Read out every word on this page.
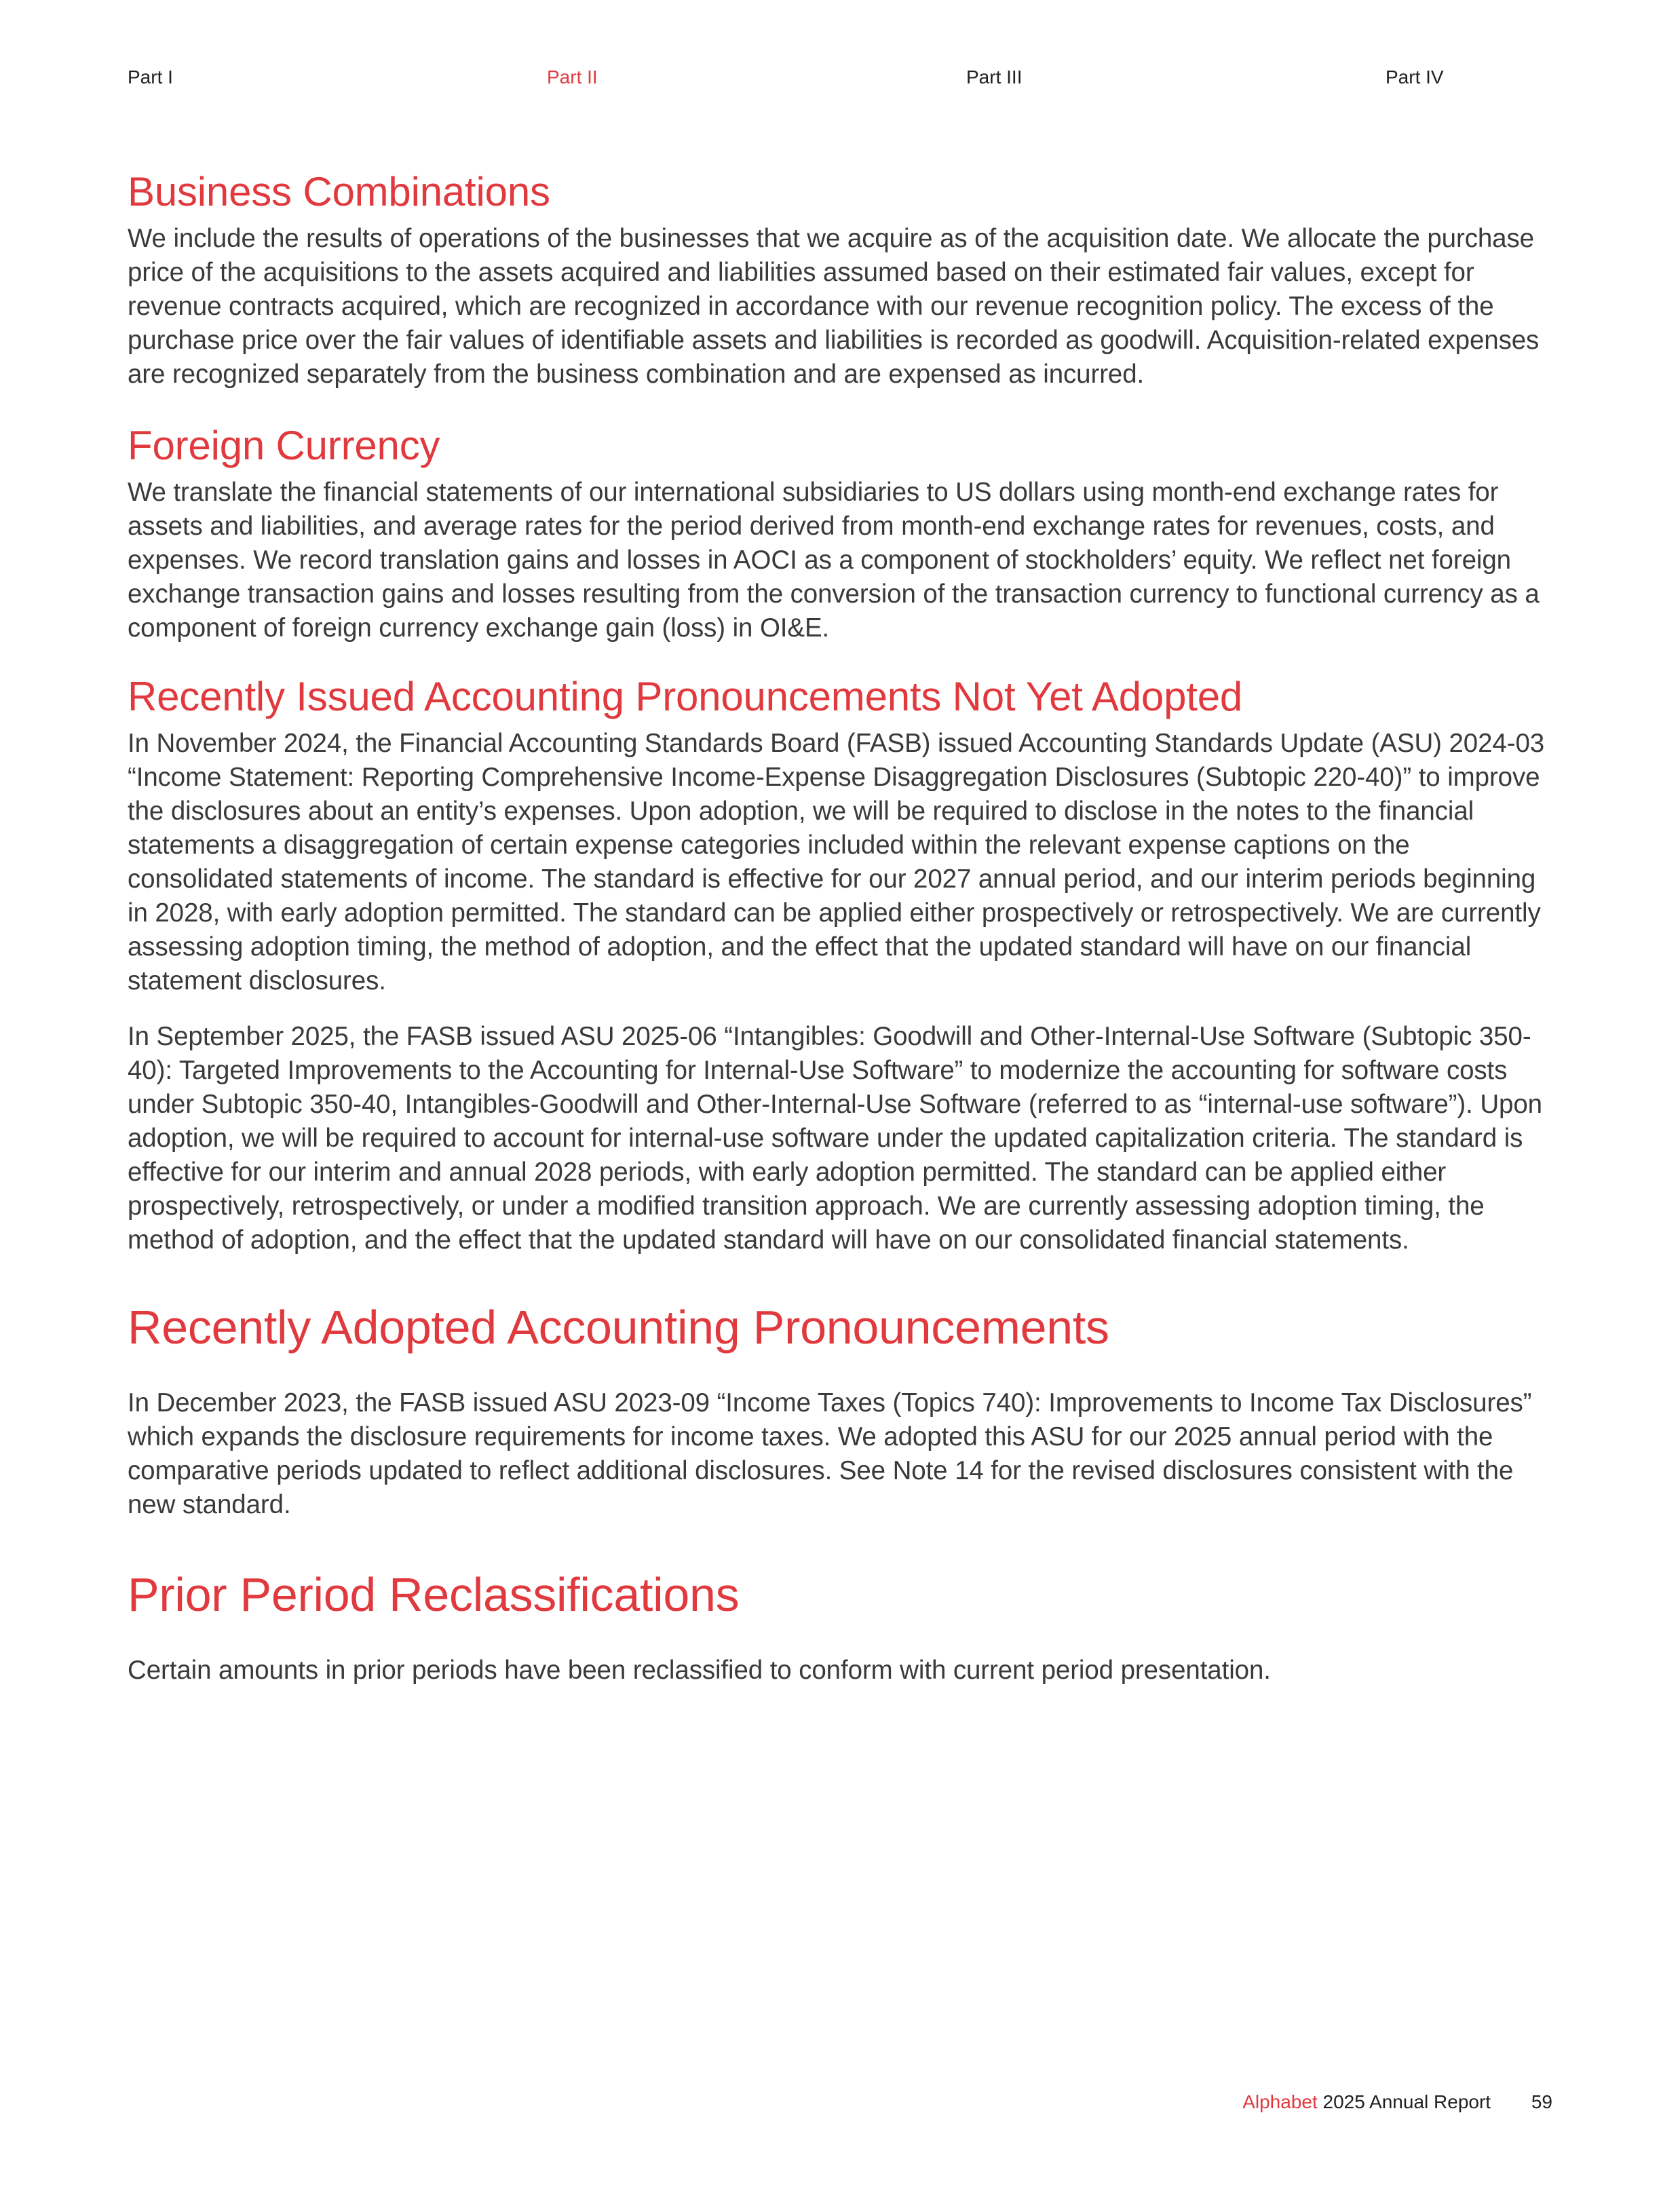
Part I	Part II	Part III	Part IV
Business Combinations

We include the results of operations of the businesses that we acquire as of the acquisition date. We allocate the purchase price of the acquisitions to the assets acquired and liabilities assumed based on their estimated fair values, except for revenue contracts acquired, which are recognized in accordance with our revenue recognition policy. The excess of the purchase price over the fair values of identifiable assets and liabilities is recorded as goodwill. Acquisition-related expenses are recognized separately from the business combination and are expensed as incurred.

Foreign Currency

We translate the financial statements of our international subsidiaries to US dollars using month-end exchange rates for assets and liabilities, and average rates for the period derived from month-end exchange rates for revenues, costs, and expenses. We record translation gains and losses in AOCI as a component of stockholders’ equity. We reflect net foreign exchange transaction gains and losses resulting from the conversion of the transaction currency to functional currency as a component of foreign currency exchange gain (loss) in OI&E.

Recently Issued Accounting Pronouncements Not Yet Adopted

In November 2024, the Financial Accounting Standards Board (FASB) issued Accounting Standards Update (ASU) 2024-03 “Income Statement: Reporting Comprehensive Income-Expense Disaggregation Disclosures (Subtopic 220-40)” to improve the disclosures about an entity’s expenses. Upon adoption, we will be required to disclose in the notes to the financial statements a disaggregation of certain expense categories included within the relevant expense captions on the consolidated statements of income. The standard is effective for our 2027 annual period, and our interim periods beginning in 2028, with early adoption permitted. The standard can be applied either prospectively or retrospectively. We are currently assessing adoption timing, the method of adoption, and the effect that the updated standard will have on our financial statement disclosures.

In September 2025, the FASB issued ASU 2025-06 “Intangibles: Goodwill and Other-Internal-Use Software (Subtopic 350-40): Targeted Improvements to the Accounting for Internal-Use Software” to modernize the accounting for software costs under Subtopic 350-40, Intangibles-Goodwill and Other-Internal-Use Software (referred to as “internal-use software”). Upon adoption, we will be required to account for internal-use software under the updated capitalization criteria. The standard is effective for our interim and annual 2028 periods, with early adoption permitted. The standard can be applied either prospectively, retrospectively, or under a modified transition approach. We are currently assessing adoption timing, the method of adoption, and the effect that the updated standard will have on our consolidated financial statements.

Recently Adopted Accounting Pronouncements

In December 2023, the FASB issued ASU 2023-09 “Income Taxes (Topics 740): Improvements to Income Tax Disclosures” which expands the disclosure requirements for income taxes. We adopted this ASU for our 2025 annual period with the comparative periods updated to reflect additional disclosures. See Note 14 for the revised disclosures consistent with the new standard.

Prior Period Reclassifications

Certain amounts in prior periods have been reclassified to conform with current period presentation.

Alphabet 2025 Annual Report 59
